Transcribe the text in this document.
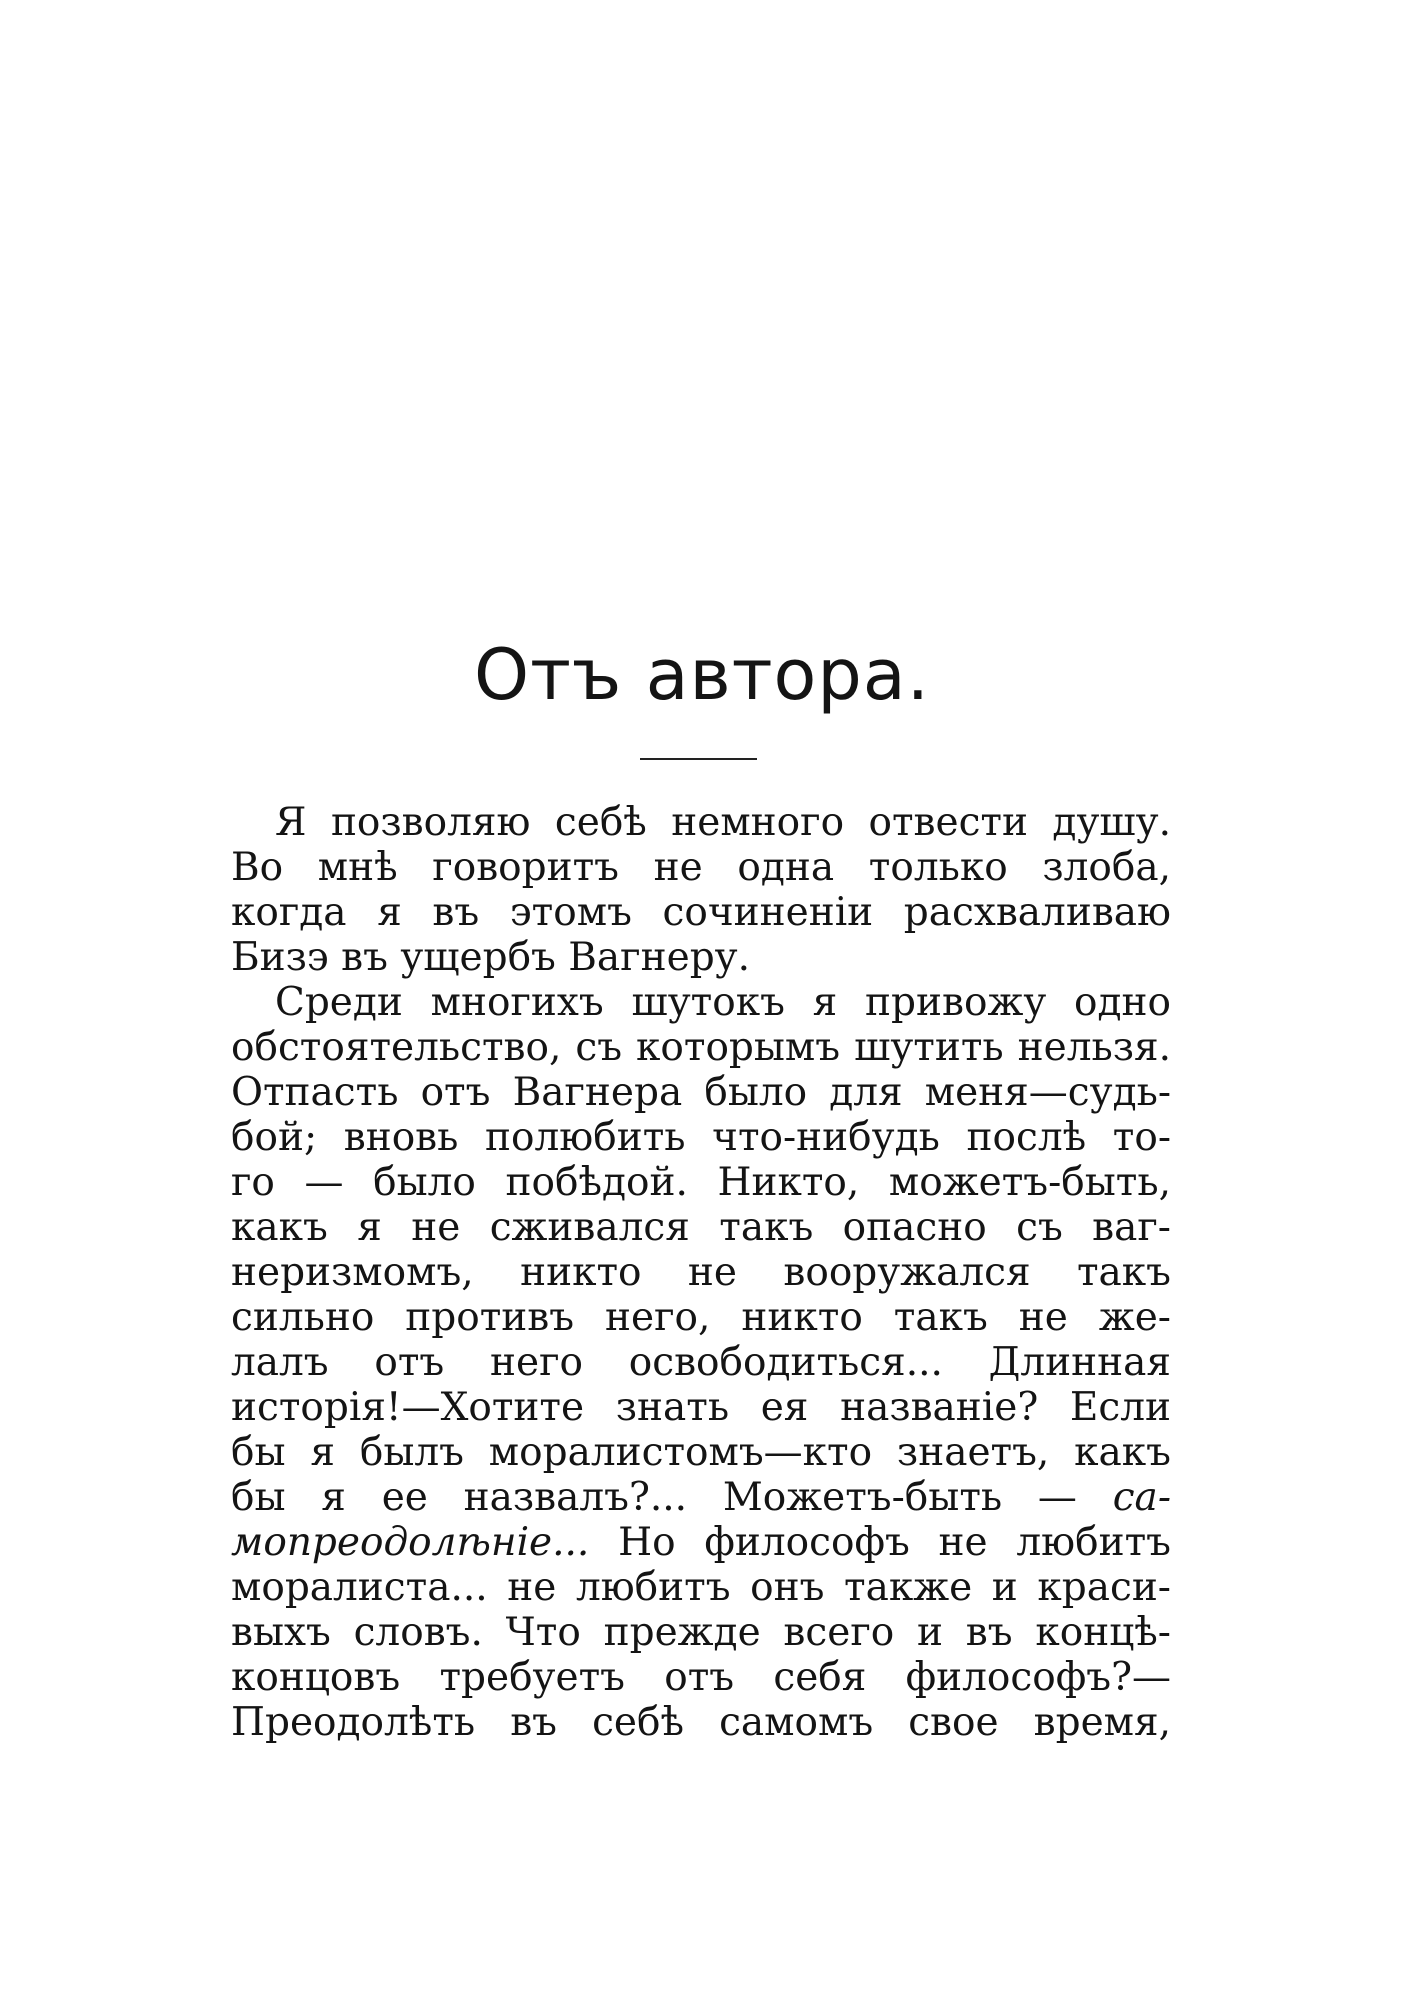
Отъ автора.
Я позволяю себѣ немного отвести душу.
Во мнѣ говоритъ не одна только злоба,
когда я въ этомъ сочиненіи расхваливаю
Бизэ въ ущербъ Вагнеру.
Среди многихъ шутокъ я привожу одно
обстоятельство, съ которымъ шутить нельзя.
Отпасть отъ Вагнера было для меня—судь-
бой; вновь полюбить что-нибудь послѣ то-
го — было побѣдой. Никто, можетъ-быть,
какъ я не сживался такъ опасно съ ваг-
неризмомъ, никто не вооружался такъ
сильно противъ него, никто такъ не же-
лалъ отъ него освободиться... Длинная
исторія!—Хотите знать ея названіе? Если
бы я былъ моралистомъ—кто знаетъ, какъ
бы я ее назвалъ?... Можетъ-быть — са-
мопреодолѣніе... Но философъ не любитъ
моралиста... не любитъ онъ также и краси-
выхъ словъ. Что прежде всего и въ концѣ-
концовъ требуетъ отъ себя философъ?—
Преодолѣть въ себѣ самомъ свое время,
